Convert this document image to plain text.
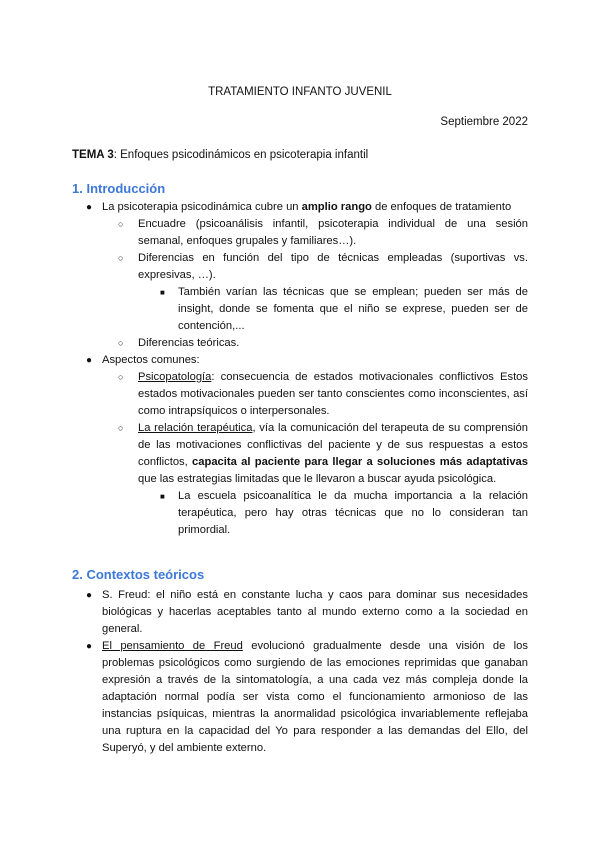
TRATAMIENTO INFANTO JUVENIL
Septiembre 2022
TEMA 3: Enfoques psicodinámicos en psicoterapia infantil
1. Introducción
● La psicoterapia psicodinámica cubre un amplio rango de enfoques de tratamiento
○ Encuadre (psicoanálisis infantil, psicoterapia individual de una sesión semanal, enfoques grupales y familiares…).
○ Diferencias en función del tipo de técnicas empleadas (suportivas vs. expresivas, …).
■ También varían las técnicas que se emplean; pueden ser más de insight, donde se fomenta que el niño se exprese, pueden ser de contención,...
○ Diferencias teóricas.
● Aspectos comunes:
○ Psicopatología: consecuencia de estados motivacionales conflictivos Estos estados motivacionales pueden ser tanto conscientes como inconscientes, así como intrapsíquicos o interpersonales.
○ La relación terapéutica, vía la comunicación del terapeuta de su comprensión de las motivaciones conflictivas del paciente y de sus respuestas a estos conflictos, capacita al paciente para llegar a soluciones más adaptativas que las estrategias limitadas que le llevaron a buscar ayuda psicológica.
■ La escuela psicoanalítica le da mucha importancia a la relación terapéutica, pero hay otras técnicas que no lo consideran tan primordial.
2. Contextos teóricos
● S. Freud: el niño está en constante lucha y caos para dominar sus necesidades biológicas y hacerlas aceptables tanto al mundo externo como a la sociedad en general.
● El pensamiento de Freud evolucionó gradualmente desde una visión de los problemas psicológicos como surgiendo de las emociones reprimidas que ganaban expresión a través de la sintomatología, a una cada vez más compleja donde la adaptación normal podía ser vista como el funcionamiento armonioso de las instancias psíquicas, mientras la anormalidad psicológica invariablemente reflejaba una ruptura en la capacidad del Yo para responder a las demandas del Ello, del Superyó, y del ambiente externo.
